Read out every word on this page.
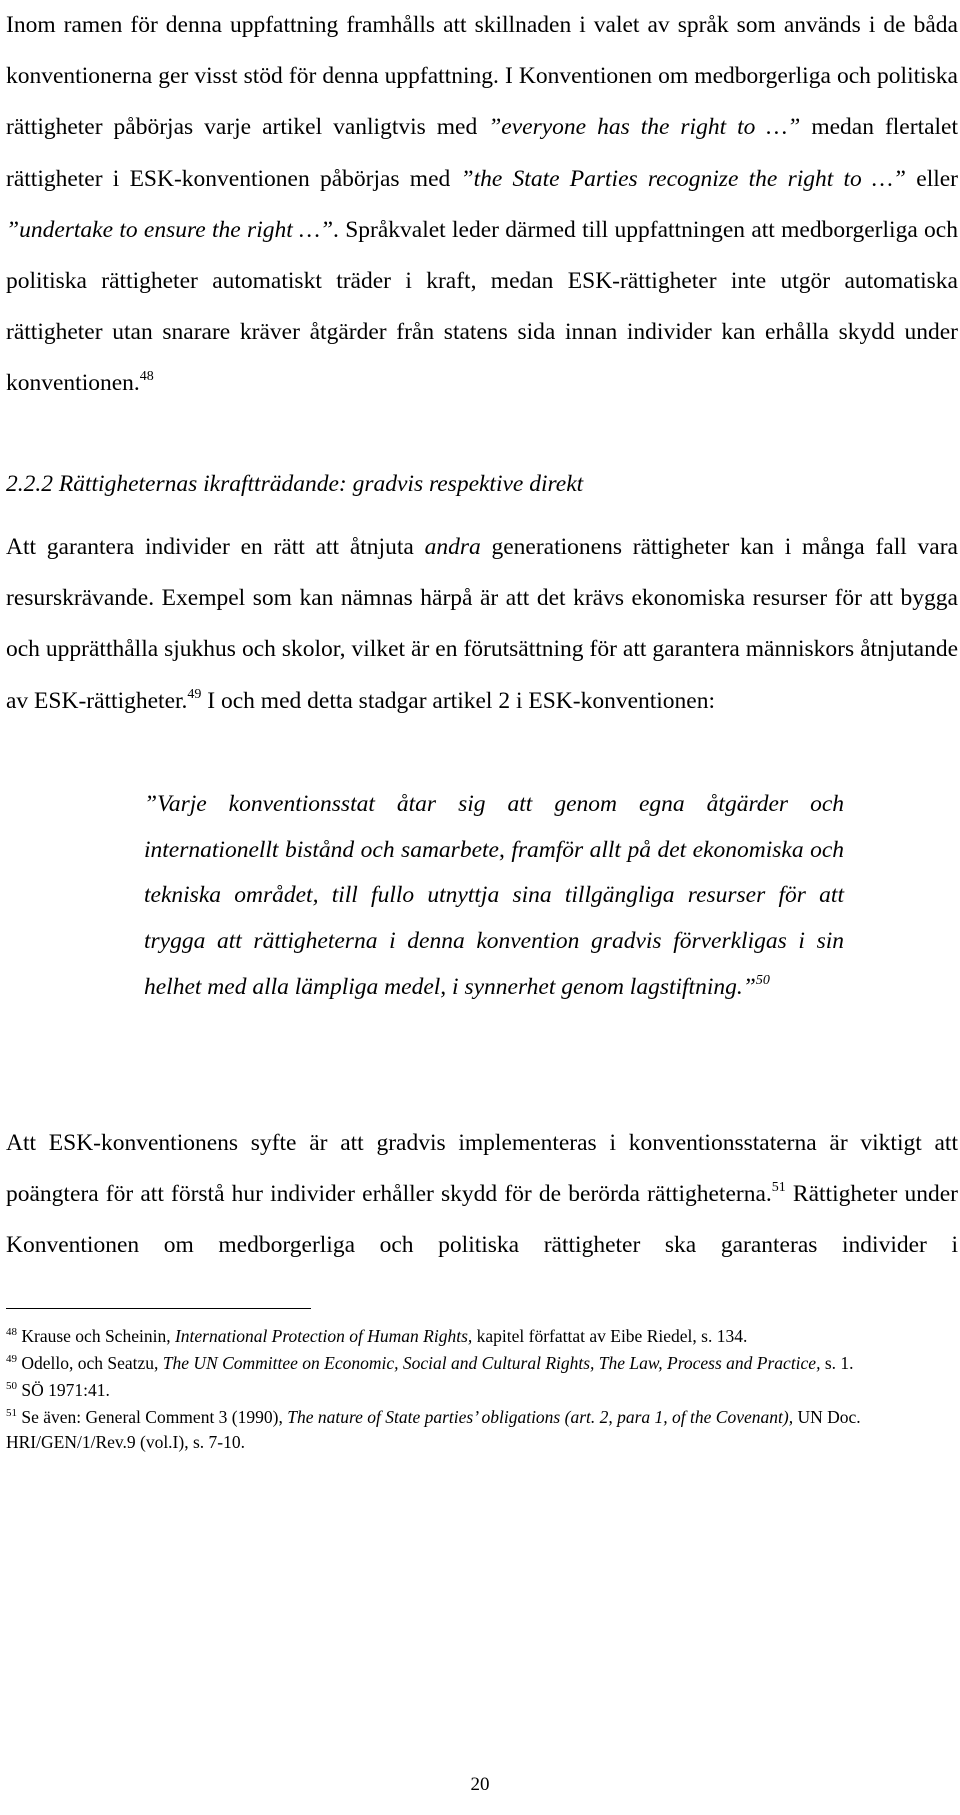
Inom ramen för denna uppfattning framhålls att skillnaden i valet av språk som används i de båda konventionerna ger visst stöd för denna uppfattning. I Konventionen om medborgerliga och politiska rättigheter påbörjas varje artikel vanligtvis med ”everyone has the right to …” medan flertalet rättigheter i ESK-konventionen påbörjas med ”the State Parties recognize the right to …” eller ”undertake to ensure the right …”. Språkvalet leder därmed till uppfattningen att medborgerliga och politiska rättigheter automatiskt träder i kraft, medan ESK-rättigheter inte utgör automatiska rättigheter utan snarare kräver åtgärder från statens sida innan individer kan erhålla skydd under konventionen.$^{48}$

2.2.2 Rättigheternas ikraftträdande: gradvis respektive direkt

Att garantera individer en rätt att åtnjuta andra generationens rättigheter kan i många fall vara resurskrävande. Exempel som kan nämnas härpå är att det krävs ekonomiska resurser för att bygga och upprätthålla sjukhus och skolor, vilket är en förutsättning för att garantera människors åtnjutande av ESK-rättigheter.$^{49}$ I och med detta stadgar artikel 2 i ESK-konventionen:

”Varje konventionsstat åtar sig att genom egna åtgärder och internationellt bistånd och samarbete, framför allt på det ekonomiska och tekniska området, till fullo utnyttja sina tillgängliga resurser för att trygga att rättigheterna i denna konvention gradvis förverkligas i sin helhet med alla lämpliga medel, i synnerhet genom lagstiftning.”$^{50}$

Att ESK-konventionens syfte är att gradvis implementeras i konventionsstaterna är viktigt att poängtera för att förstå hur individer erhåller skydd för de berörda rättigheterna.$^{51}$ Rättigheter under Konventionen om medborgerliga och politiska rättigheter ska garanteras individer i

$^{48}$ Krause och Scheinin, International Protection of Human Rights, kapitel författat av Eibe Riedel, s. 134.

$^{49}$ Odello, och Seatzu, The UN Committee on Economic, Social and Cultural Rights, The Law, Process and Practice, s. 1.

$^{50}$ SÖ 1971:41.

$^{51}$ Se även: General Comment 3 (1990), The nature of State parties’ obligations (art. 2, para 1, of the Covenant), UN Doc. HRI/GEN/1/Rev.9 (vol.I), s. 7-10.

20
